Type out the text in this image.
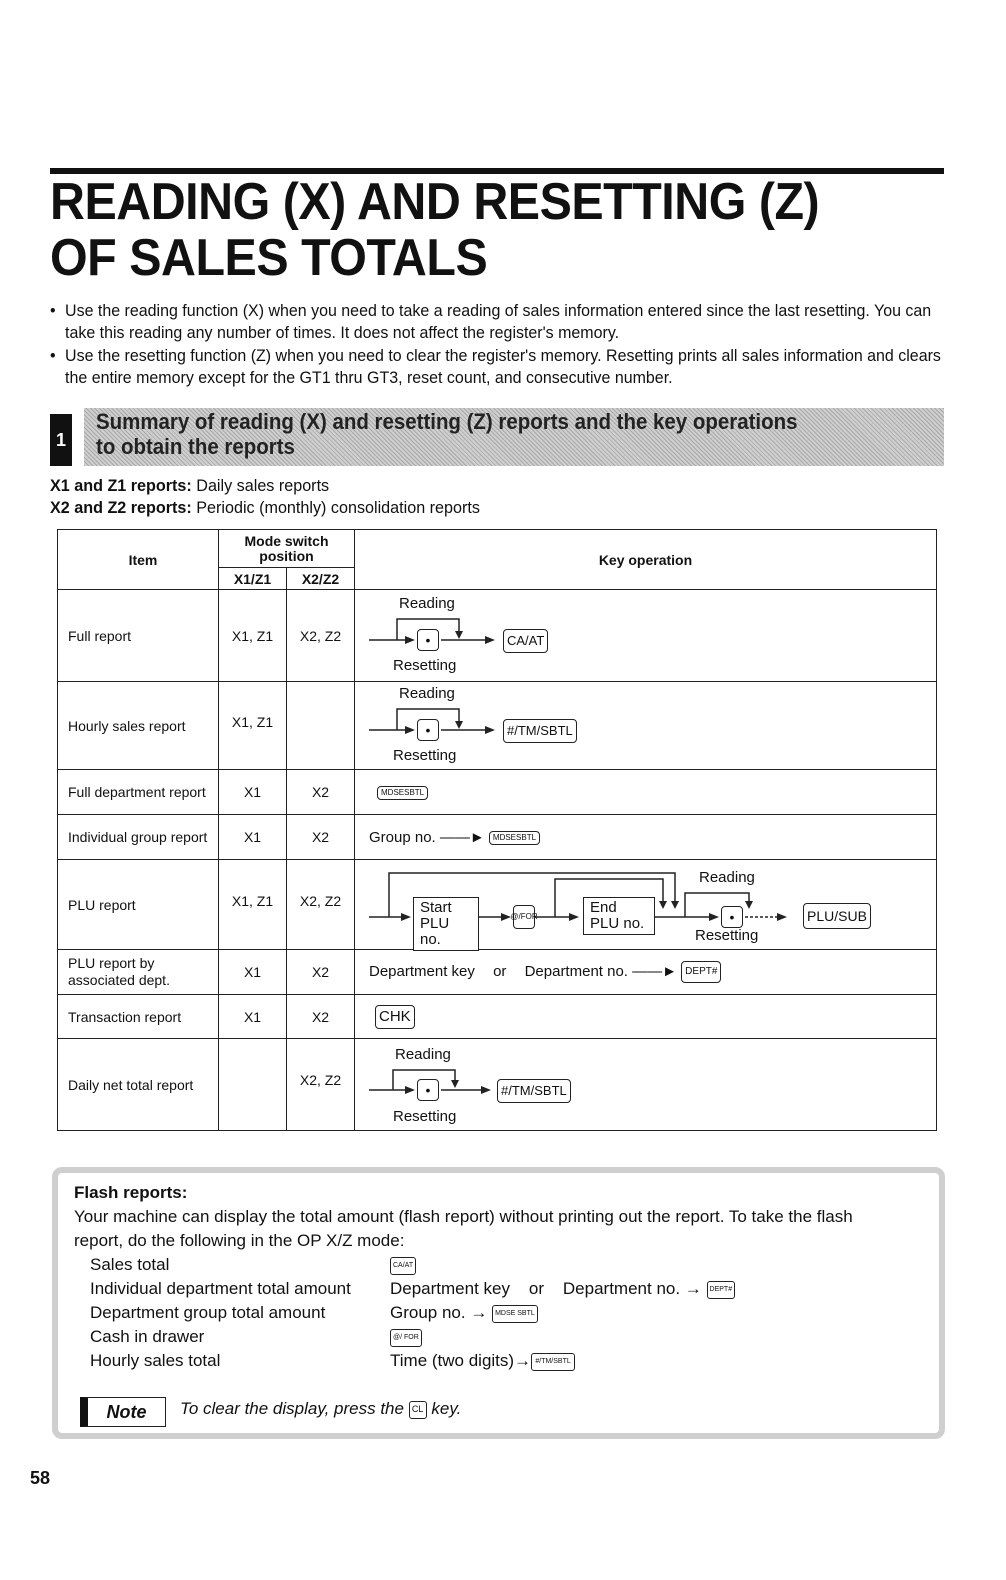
READING (X) AND RESETTING (Z)
OF SALES TOTALS
• Use the reading function (X) when you need to take a reading of sales information entered since the last resetting. You can take this reading any number of times. It does not affect the register's memory.
• Use the resetting function (Z) when you need to clear the register's memory. Resetting prints all sales information and clears the entire memory except for the GT1 thru GT3, reset count, and consecutive number.
1
Summary of reading (X) and resetting (Z) reports and the key operations
to obtain the reports
X1 and Z1 reports: Daily sales reports
X2 and Z2 reports: Periodic (monthly) consolidation reports
Item	Mode switch position		Key operation
	X1/Z1	X2/Z2	
Full report	X1, Z1	X2, Z2	Reading
• CA/AT
Resetting

Hourly sales report	X1, Z1		Reading
• #/TM/SBTL
Resetting

Full department report	X1	X2	MDSE SBTL

Individual group report	X1	X2	Group no. ——► MDSE SBTL

PLU report	X1, Z1	X2, Z2	Start PLU no.
@/ FOR
End PLU no.
Reading
•
Resetting
PLU/SUB

PLU report by associated dept.	X1	X2	Department key or Department no. ——► DEPT#
Transaction report	X1	X2	CHK
Daily net total report		X2, Z2	Reading
• #/TM/SBTL
Resetting
Flash reports:
Your machine can display the total amount (flash report) without printing out the report. To take the flash
report, do the following in the OP X/Z mode:
Sales total	CA/AT
Individual department total amount	Department key    or    Department no. → DEPT#
Department group total amount	Group no. → MDSE SBTL
Cash in drawer	@/ FOR
Hourly sales total	Time (two digits)→ #/TM/SBTL
Note	To clear the display, press the CL key.
58
